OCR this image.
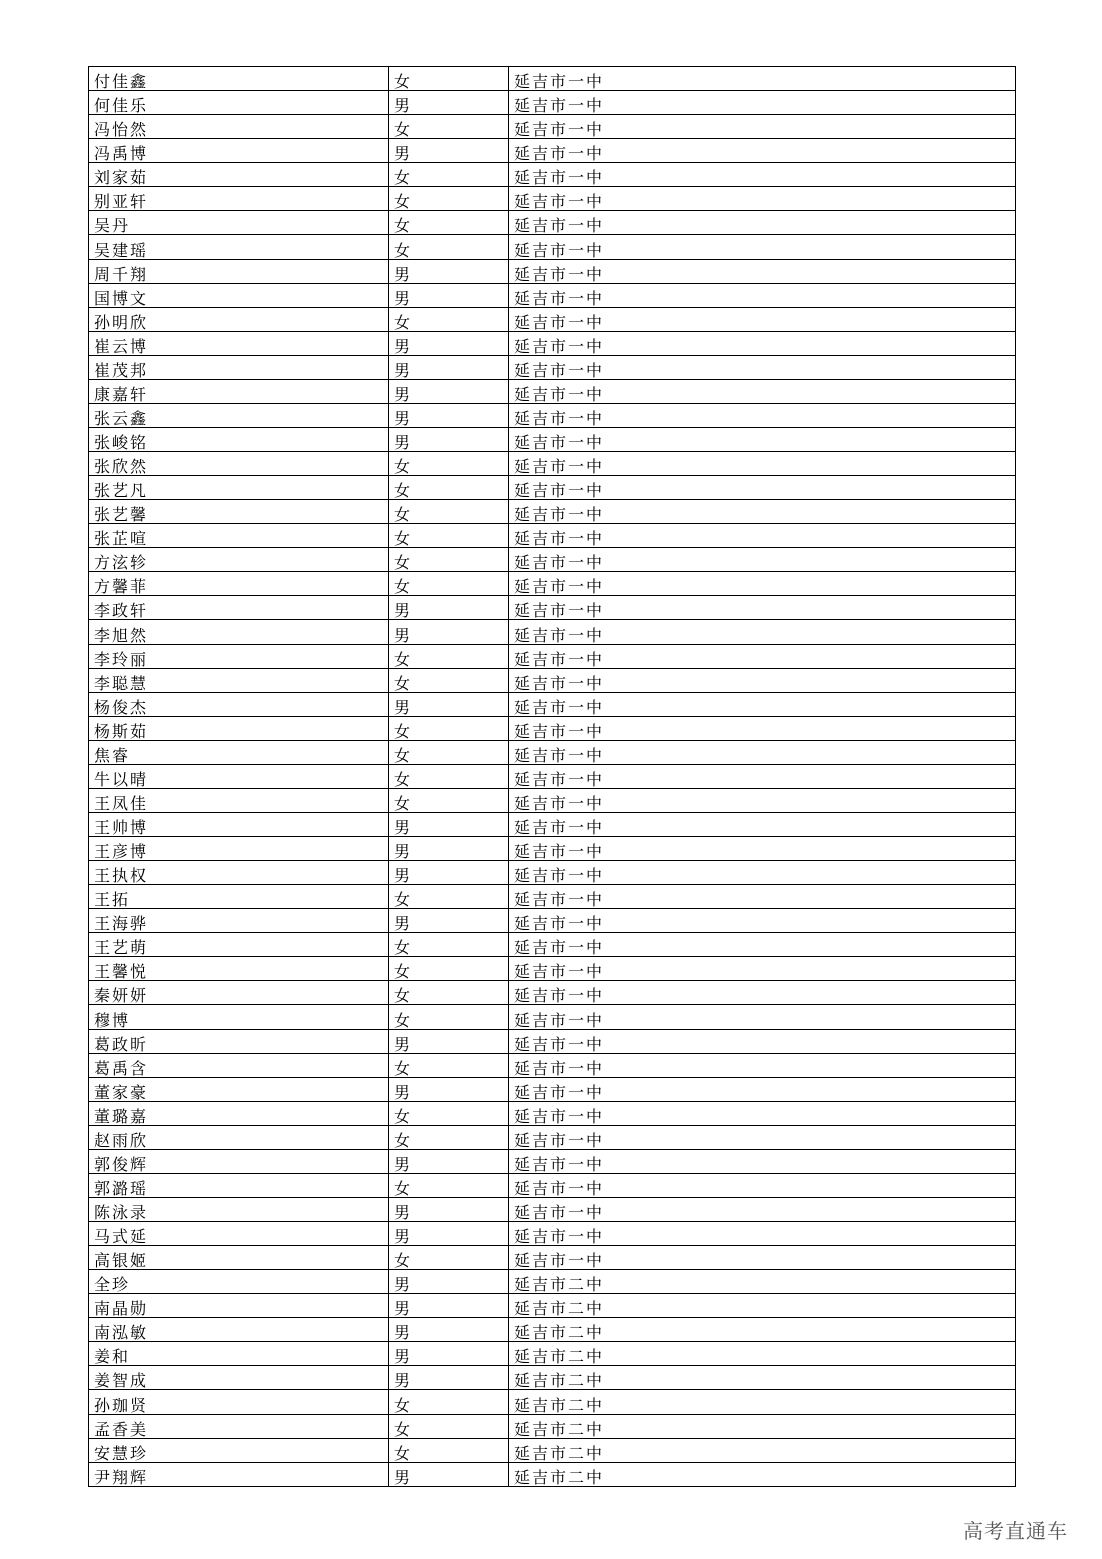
付佳鑫	女	延吉市一中
何佳乐	男	延吉市一中
冯怡然	女	延吉市一中
冯禹博	男	延吉市一中
刘家茹	女	延吉市一中
别亚轩	女	延吉市一中
吴丹	女	延吉市一中
吴建瑶	女	延吉市一中
周千翔	男	延吉市一中
国博文	男	延吉市一中
孙明欣	女	延吉市一中
崔云博	男	延吉市一中
崔茂邦	男	延吉市一中
康嘉轩	男	延吉市一中
张云鑫	男	延吉市一中
张峻铭	男	延吉市一中
张欣然	女	延吉市一中
张艺凡	女	延吉市一中
张艺馨	女	延吉市一中
张芷喧	女	延吉市一中
方泫轸	女	延吉市一中
方馨菲	女	延吉市一中
李政轩	男	延吉市一中
李旭然	男	延吉市一中
李玲丽	女	延吉市一中
李聪慧	女	延吉市一中
杨俊杰	男	延吉市一中
杨斯茹	女	延吉市一中
焦睿	女	延吉市一中
牛以晴	女	延吉市一中
王凤佳	女	延吉市一中
王帅博	男	延吉市一中
王彦博	男	延吉市一中
王执权	男	延吉市一中
王拓	女	延吉市一中
王海骅	男	延吉市一中
王艺萌	女	延吉市一中
王馨悦	女	延吉市一中
秦妍妍	女	延吉市一中
穆博	女	延吉市一中
葛政昕	男	延吉市一中
葛禹含	女	延吉市一中
董家豪	男	延吉市一中
董璐嘉	女	延吉市一中
赵雨欣	女	延吉市一中
郭俊辉	男	延吉市一中
郭潞瑶	女	延吉市一中
陈泳录	男	延吉市一中
马式延	男	延吉市一中
高银姬	女	延吉市一中
全珍	男	延吉市二中
南晶勋	男	延吉市二中
南泓敏	男	延吉市二中
姜和	男	延吉市二中
姜智成	男	延吉市二中
孙珈贤	女	延吉市二中
孟香美	女	延吉市二中
安慧珍	女	延吉市二中
尹翔辉	男	延吉市二中
高考直通车
